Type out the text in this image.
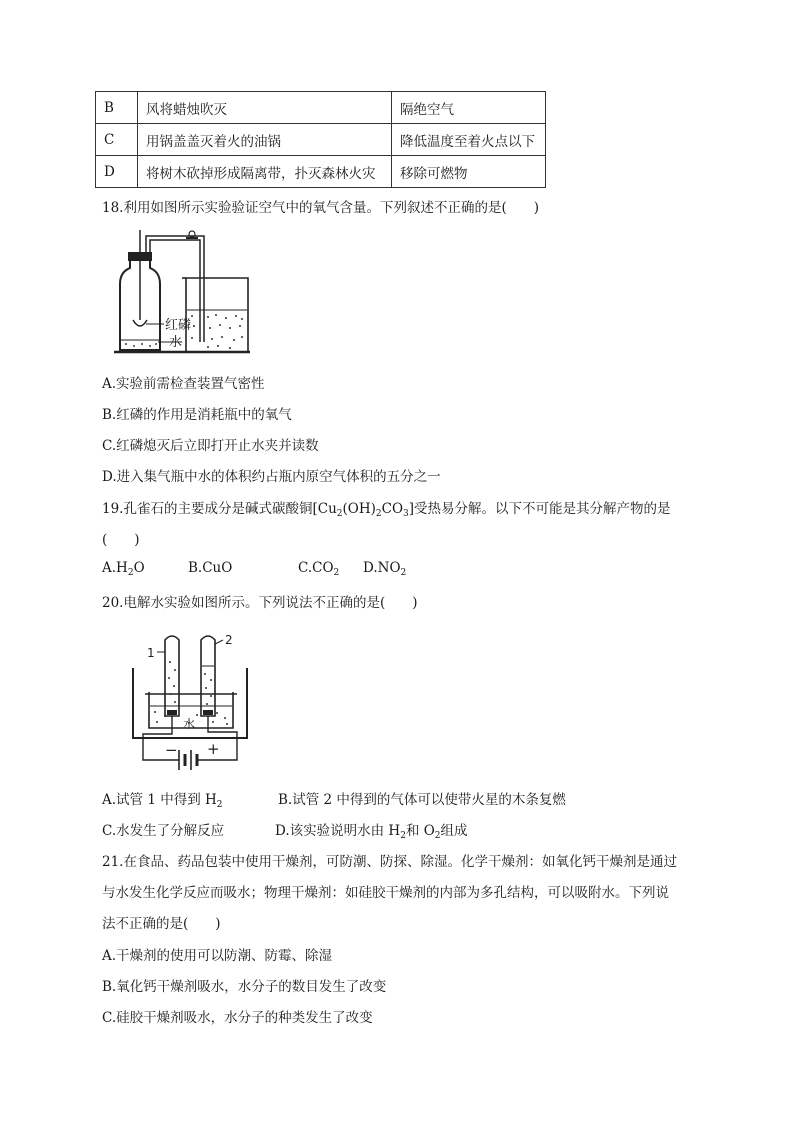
B	风将蜡烛吹灭	隔绝空气
C	用锅盖盖灭着火的油锅	降低温度至着火点以下
D	将树木砍掉形成隔离带，扑灭森林火灾	移除可燃物
18.利用如图所示实验验证空气中的氧气含量。下列叙述不正确的是(　　)
红磷
水
A.实验前需检查装置气密性
B.红磷的作用是消耗瓶中的氧气
C.红磷熄灭后立即打开止水夹并读数
D.进入集气瓶中水的体积约占瓶内原空气体积的五分之一
19.孔雀石的主要成分是碱式碳酸铜$[Cu_2(OH)_2CO_3]$受热易分解。以下不可能是其分解产物的是
(　　)
$A.H_2O$	B.CuO	$C.CO_2$ $D.NO_2$
20.电解水实验如图所示。下列说法不正确的是(　　)
1
2
水
− +
A.试管 1 中得到 $H_2$	B.试管 2 中得到的气体可以使带火星的木条复燃
C.水发生了分解反应	D.该实验说明水由 $H_2$和 $O_2$组成
21.在食品、药品包装中使用干燥剂，可防潮、防探、除湿。化学干燥剂：如氧化钙干燥剂是通过
与水发生化学反应而吸水；物理干燥剂：如硅胶干燥剂的内部为多孔结构，可以吸附水。下列说
法不正确的是(　　)
A.干燥剂的使用可以防潮、防霉、除湿
B.氧化钙干燥剂吸水，水分子的数目发生了改变
C.硅胶干燥剂吸水，水分子的种类发生了改变
